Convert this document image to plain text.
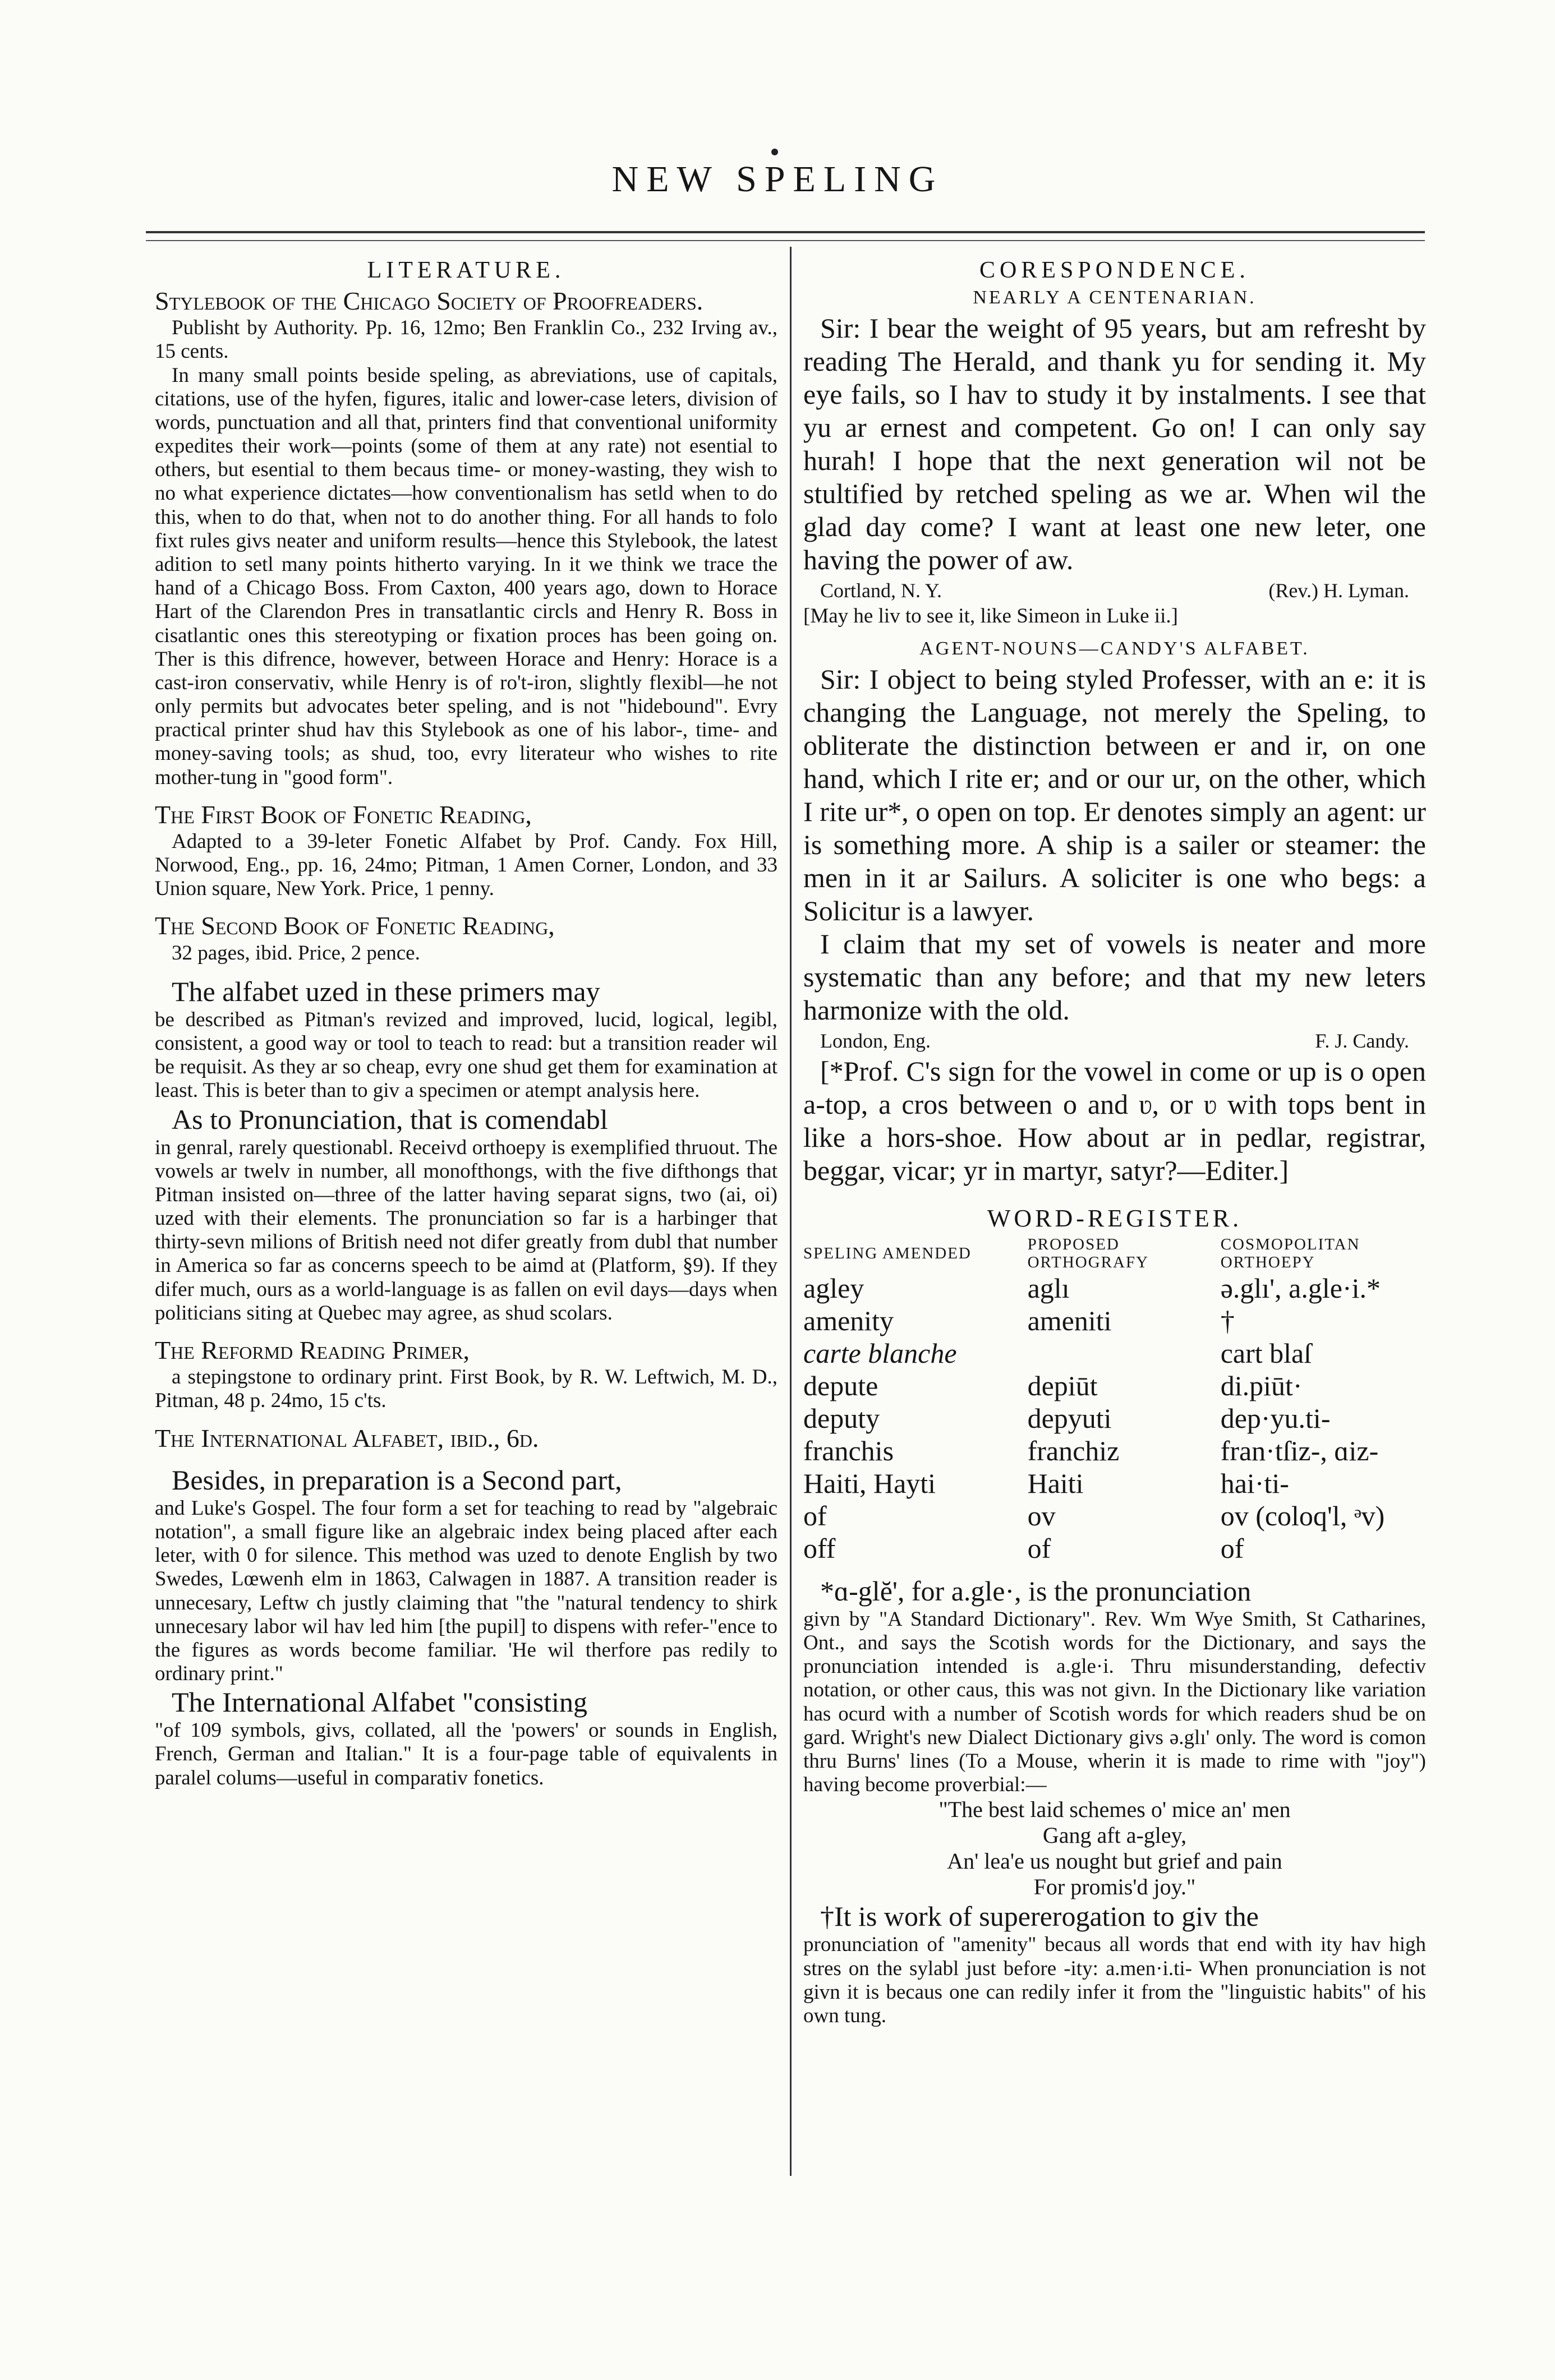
NEW SPELING
LITERATURE.

Stylebook of the Chicago Society of Proofreaders.

Publisht by Authority. Pp. 16, 12mo; Ben Franklin Co., 232 Irving av., 15 cents.

In many small points beside speling, as abreviations, use of capitals, citations, use of the hyfen, figures, italic and lower-case leters, division of words, punctuation and all that, printers find that conventional uniformity expedites their work—points (some of them at any rate) not esential to others, but esential to them becaus time- or money-wasting, they wish to no what experience dictates—how conventionalism has setld when to do this, when to do that, when not to do another thing. For all hands to folo fixt rules givs neater and uniform results—hence this Stylebook, the latest adition to setl many points hitherto varying. In it we think we trace the hand of a Chicago Boss. From Caxton, 400 years ago, down to Horace Hart of the Clarendon Pres in transatlantic circls and Henry R. Boss in cisatlantic ones this stereotyping or fixation proces has been going on. Ther is this difrence, however, between Horace and Henry: Horace is a cast-iron conservativ, while Henry is of ro't-iron, slightly flexibl—he not only permits but advocates beter speling, and is not "hidebound". Evry practical printer shud hav this Stylebook as one of his labor-, time- and money-saving tools; as shud, too, evry literateur who wishes to rite mother-tung in "good form".

The First Book of Fonetic Reading,

Adapted to a 39-leter Fonetic Alfabet by Prof. Candy. Fox Hill, Norwood, Eng., pp. 16, 24mo; Pitman, 1 Amen Corner, London, and 33 Union square, New York. Price, 1 penny.

The Second Book of Fonetic Reading,

32 pages, ibid. Price, 2 pence.

The alfabet uzed in these primers may

be described as Pitman's revized and improved, lucid, logical, legibl, consistent, a good way or tool to teach to read: but a transition reader wil be requisit. As they ar so cheap, evry one shud get them for examination at least. This is beter than to giv a specimen or atempt analysis here.

As to Pronunciation, that is comendabl

in genral, rarely questionabl. Receivd orthoepy is exemplified thruout. The vowels ar twelv in number, all monofthongs, with the five difthongs that Pitman insisted on—three of the latter having separat signs, two (ai, oi) uzed with their elements. The pronunciation so far is a harbinger that thirty-sevn milions of British need not difer greatly from dubl that number in America so far as concerns speech to be aimd at (Platform, §9). If they difer much, ours as a world-language is as fallen on evil days—days when politicians siting at Quebec may agree, as shud scolars.

The Reformd Reading Primer,

a stepingstone to ordinary print. First Book, by R. W. Leftwich, M. D., Pitman, 48 p. 24mo, 15 c'ts.

The International Alfabet, ibid., 6d.

Besides, in preparation is a Second part,

and Luke's Gospel. The four form a set for teaching to read by "algebraic notation", a small figure like an algebraic index being placed after each leter, with 0 for silence. This method was uzed to denote English by two Swedes, Lœwenh elm in 1863, Calwagen in 1887. A transition reader is unnecesary, Leftw ch justly claiming that "the "natural tendency to shirk unnecesary labor wil hav led him [the pupil] to dispens with refer-"ence to the figures as words become familiar. 'He wil therfore pas redily to ordinary print."

The International Alfabet "consisting

"of 109 symbols, givs, collated, all the 'powers' or sounds in English, French, German and Italian." It is a four-page table of equivalents in paralel colums—useful in comparativ fonetics.

CORESPONDENCE.
NEARLY A CENTENARIAN.

Sir: I bear the weight of 95 years, but am refresht by reading The Herald, and thank yu for sending it. My eye fails, so I hav to study it by instalments. I see that yu ar ernest and competent. Go on! I can only say hurah! I hope that the next generation wil not be stultified by retched speling as we ar. When wil the glad day come? I want at least one new leter, one having the power of aw.

Cortland, N. Y.	(Rev.) H. Lyman.

[May he liv to see it, like Simeon in Luke ii.]

AGENT-NOUNS—CANDY'S ALFABET.

Sir: I object to being styled Professer, with an e: it is changing the Language, not merely the Speling, to obliterate the distinction between er and ir, on one hand, which I rite er; and or our ur, on the other, which I rite ur*, o open on top. Er denotes simply an agent: ur is something more. A ship is a sailer or steamer: the men in it ar Sailurs. A soliciter is one who begs: a Solicitur is a lawyer.

I claim that my set of vowels is neater and more systematic than any before; and that my new leters harmonize with the old.

London, Eng.	F. J. Candy.

[*Prof. C's sign for the vowel in come or up is o open a-top, a cros between o and ʋ, or ʋ with tops bent in like a hors-shoe. How about ar in pedlar, registrar, beggar, vicar; yr in martyr, satyr?—Editer.]

WORD-REGISTER.
SPELING AMENDED	PROPOSED ORTHOGRAFY	COSMOPOLITAN ORTHOEPY
agley	aglı	ə.glı', a.gle·i.*
amenity	ameniti	†
carte blanche		cart blaſ
depute	depiūt	di.piūt·
deputy	depyuti	dep·yu.ti-
franchis	franchiz	fran·tſiz-, ɑiz-
Haiti, Hayti	Haiti	hai·ti-
of	ov	ov (coloq'l, ᵊv)
off	of	of

*ɑ-glĕ', for a.gle·, is the pronunciation

givn by "A Standard Dictionary". Rev. Wm Wye Smith, St Catharines, Ont., and says the Scotish words for the Dictionary, and says the pronunciation intended is a.gle·i. Thru misunderstanding, defectiv notation, or other caus, this was not givn. In the Dictionary like variation has ocurd with a number of Scotish words for which readers shud be on gard. Wright's new Dialect Dictionary givs ə.glı' only. The word is comon thru Burns' lines (To a Mouse, wherin it is made to rime with "joy") having become proverbial:—

"The best laid schemes o' mice an' men
Gang aft a-gley,
An' lea'e us nought but grief and pain
For promis'd joy."

†It is work of supererogation to giv the

pronunciation of "amenity" becaus all words that end with ity hav high stres on the sylabl just before -ity: a.men·i.ti- When pronunciation is not givn it is becaus one can redily infer it from the "linguistic habits" of his own tung.
